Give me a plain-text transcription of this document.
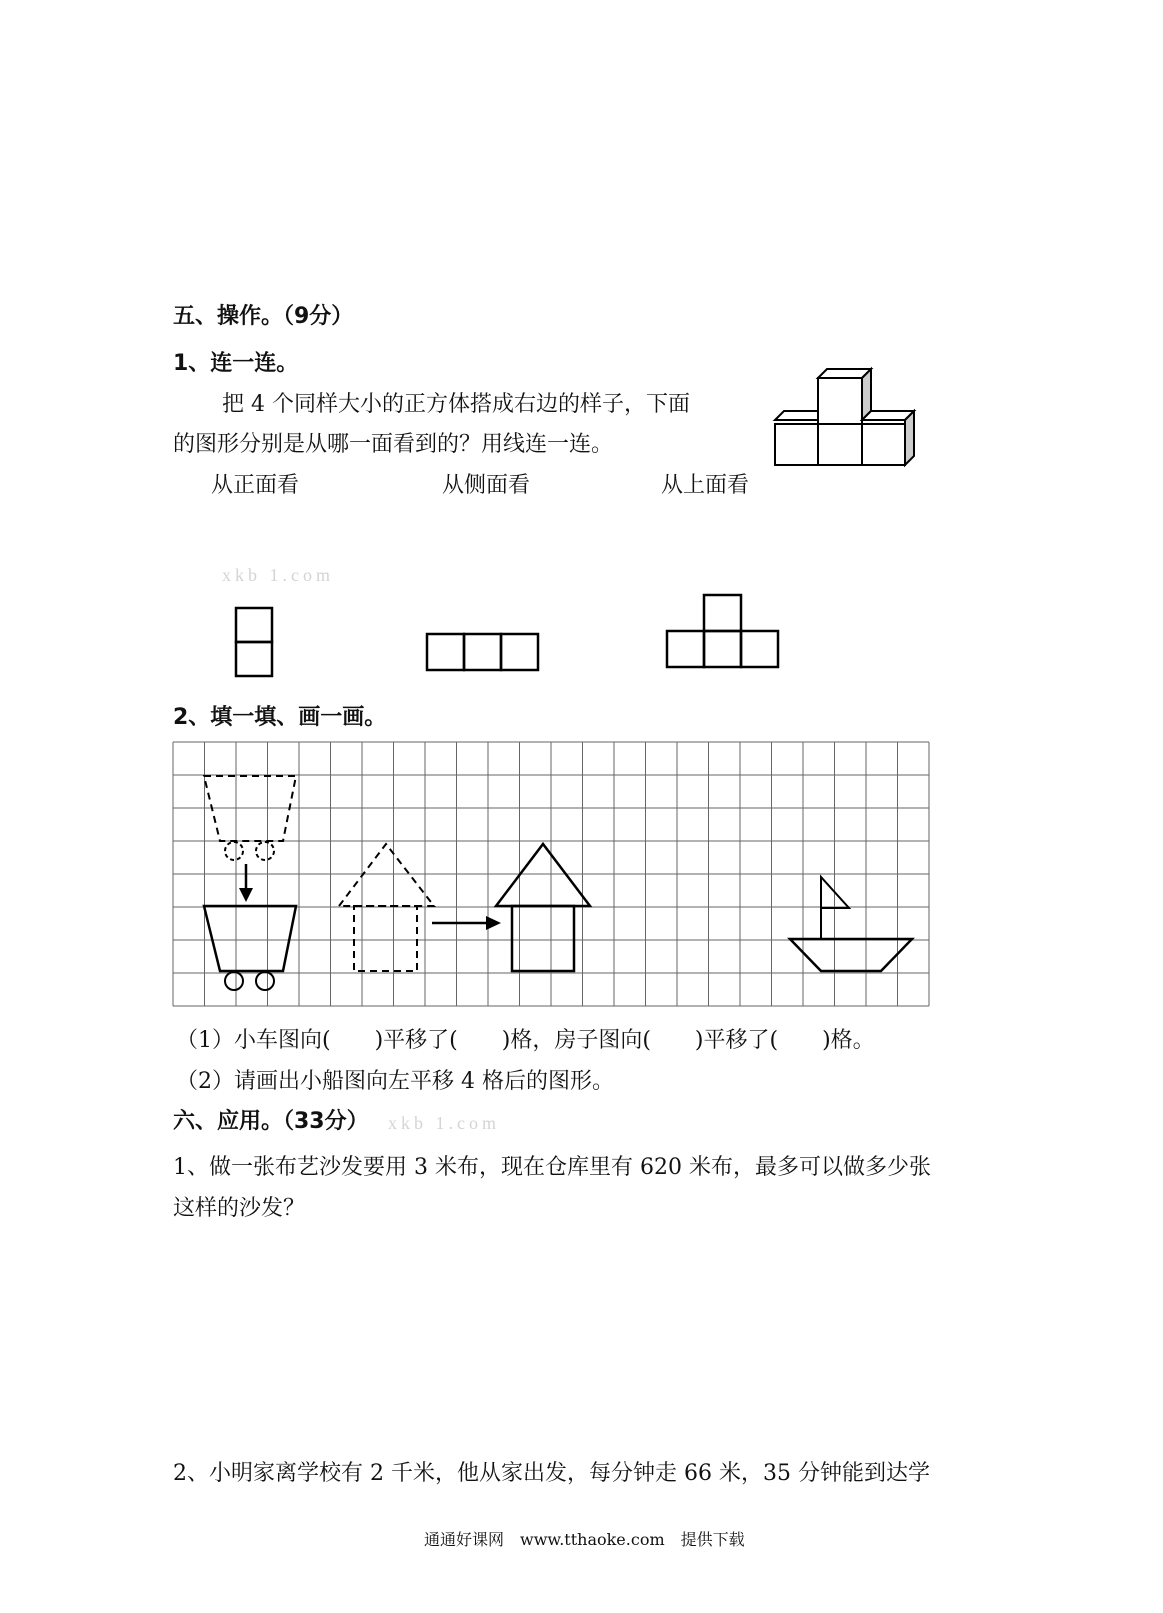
五、操作。（9分）
1、连一连。
把 4 个同样大小的正方体搭成右边的样子，下面
的图形分别是从哪一面看到的？用线连一连。
从正面看	从侧面看	从上面看
xkb 1.com
2、填一填、画一画。
（1）小车图向(　　)平移了(　　)格，房子图向(　　)平移了(　　)格。
（2）请画出小船图向左平移 4 格后的图形。
六、应用。（33分） xkb 1.com
1、做一张布艺沙发要用 3 米布，现在仓库里有 620 米布，最多可以做多少张
这样的沙发？
2、小明家离学校有 2 千米，他从家出发，每分钟走 66 米，35 分钟能到达学
通通好课网　www.tthaoke.com　提供下载
